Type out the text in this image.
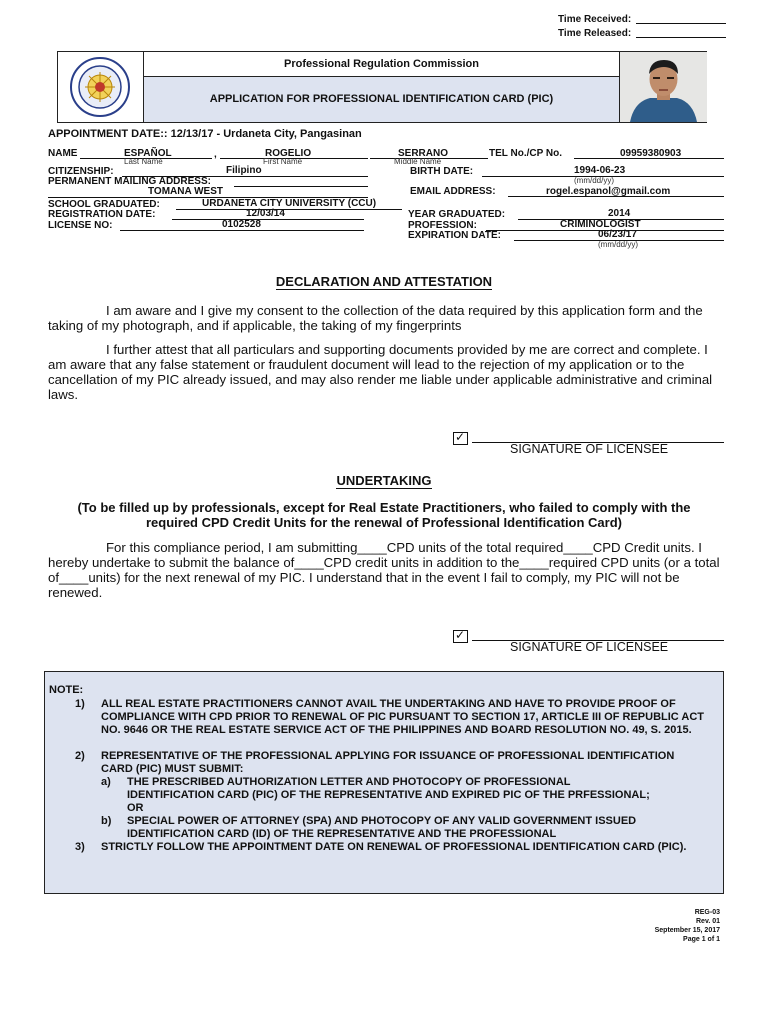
Time Received:
Time Released:
Professional Regulation Commission
APPLICATION FOR PROFESSIONAL IDENTIFICATION CARD (PIC)
APPOINTMENT DATE:: 12/13/17 - Urdaneta City, Pangasinan
NAME	ESPAÑOL	,	ROGELIO	SERRANO	TEL No./CP No.	09959380903
Last Name	First Name	Middle Name
CITIZENSHIP:	Filipino	BIRTH DATE:	1994-06-23
(mm/dd/yy)
PERMANENT MAILING ADDRESS:
TOMANA WEST	EMAIL ADDRESS:	rogel.espanol@gmail.com
SCHOOL GRADUATED:	URDANETA CITY UNIVERSITY (CCU)
REGISTRATION DATE:	12/03/14	YEAR GRADUATED:	2014
LICENSE NO:	0102528	PROFESSION:	CRIMINOLOGIST
EXPIRATION DATE:	06/23/17
(mm/dd/yy)
DECLARATION AND ATTESTATION
I am aware and I give my consent to the collection of the data required by this application form and the taking of my photograph, and if applicable, the taking of my fingerprints
I further attest that all particulars and supporting documents provided by me are correct and complete. I am aware that any false statement or fraudulent document will lead to the rejection of my application or to the cancellation of my PIC already issued, and may also render me liable under applicable administrative and criminal laws.
✓
SIGNATURE OF LICENSEE
UNDERTAKING
(To be filled up by professionals, except for Real Estate Practitioners, who failed to comply with the required CPD Credit Units for the renewal of Professional Identification Card)
For this compliance period, I am submitting____CPD units of the total required____CPD Credit units. I hereby undertake to submit the balance of____CPD credit units in addition to the____required CPD units (or a total of____units) for the next renewal of my PIC. I understand that in the event I fail to comply, my PIC will not be renewed.
✓
SIGNATURE OF LICENSEE
NOTE:
1) ALL REAL ESTATE PRACTITIONERS CANNOT AVAIL THE UNDERTAKING AND HAVE TO PROVIDE PROOF OF COMPLIANCE WITH CPD PRIOR TO RENEWAL OF PIC PURSUANT TO SECTION 17, ARTICLE III OF REPUBLIC ACT NO. 9646 OR THE REAL ESTATE SERVICE ACT OF THE PHILIPPINES AND BOARD RESOLUTION NO. 49, S. 2015.
2) REPRESENTATIVE OF THE PROFESSIONAL APPLYING FOR ISSUANCE OF PROFESSIONAL IDENTIFICATION CARD (PIC) MUST SUBMIT:
a) THE PRESCRIBED AUTHORIZATION LETTER AND PHOTOCOPY OF PROFESSIONAL IDENTIFICATION CARD (PIC) OF THE REPRESENTATIVE AND EXPIRED PIC OF THE PRFESSIONAL; OR
b) SPECIAL POWER OF ATTORNEY (SPA) AND PHOTOCOPY OF ANY VALID GOVERNMENT ISSUED IDENTIFICATION CARD (ID) OF THE REPRESENTATIVE AND THE PROFESSIONAL
3) STRICTLY FOLLOW THE APPOINTMENT DATE ON RENEWAL OF PROFESSIONAL IDENTIFICATION CARD (PIC).
REG-03
Rev. 01
September 15, 2017
Page 1 of 1
